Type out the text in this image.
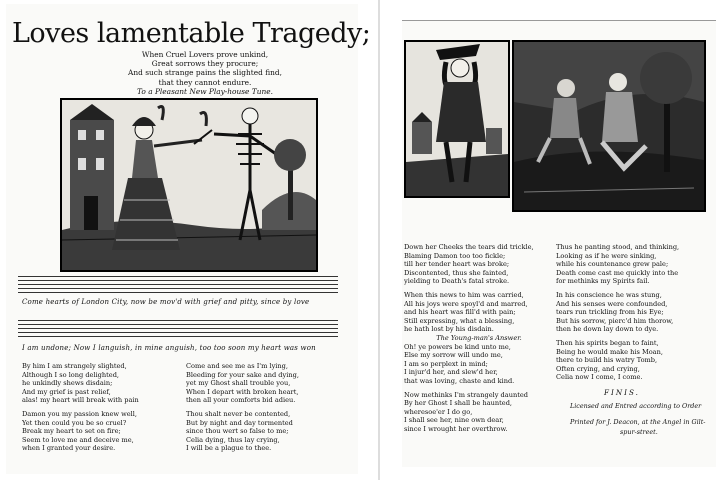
Loves lamentable Tragedy;
When Cruel Lovers prove unkind,
Great sorrows they procure;
And such strange pains the slighted find,
that they cannot endure.
To a Pleasant New Play-house Tune.
Come hearts of London City, now be mov'd with grief and pitty, since by love
I am undone; Now I languish, in mine anguish, too too soon my heart was won
By him I am strangely slighted,
Although I so long delighted,
he unkindly shews disdain;
And my grief is past relief,
alas! my heart will break with pain
Damon you my passion knew well,
Yet then could you be so cruel?
Break my heart to set on fire;
Seem to love me and deceive me,
when I granted your desire.
Come and see me as I'm lying,
Bleeding for your sake and dying,
yet my Ghost shall trouble you,
When I depart with broken heart,
then all your comforts bid adieu.
Thou shalt never be contented,
But by night and day tormented
since thou wert so false to me;
Celia dying, thus lay crying,
I will be a plague to thee.
Down her Cheeks the tears did trickle,
Blaming Damon too too fickle;
till her tender heart was broke;
Discontented, thus she fainted,
yielding to Death's fatal stroke.
When this news to him was carried,
All his joys were spoyl'd and marred,
and his heart was fill'd with pain;
Still expressing, what a blessing,
he hath lost by his disdain.
The Young-man's Answer.
Oh! ye powers be kind unto me,
Else my sorrow will undo me,
I am so perplext in mind;
I injur'd her, and slew'd her,
that was loving, chaste and kind.
Now methinks I'm strangely daunted
By her Ghost I shall be haunted,
wheresoe'er I do go,
I shall see her, nine own dear,
since I wrought her overthrow.
Thus he panting stood, and thinking,
Looking as if he were sinking,
while his countenance grew pale;
Death come cast me quickly into the
for methinks my Spirits fail.
In his conscience he was stung,
And his senses were confounded,
tears run trickling from his Eye;
But his sorrow, pierc'd him thorow,
then he down lay down to dye.
Then his spirits began to faint,
Being he would make his Moan,
there to build his watry Tomb,
Often crying, and crying,
Celia now I come, I come.
FINIS.
Licensed and Entred according to Order
Printed for J. Deacon, at the Angel in Gilt-
spur-street.
